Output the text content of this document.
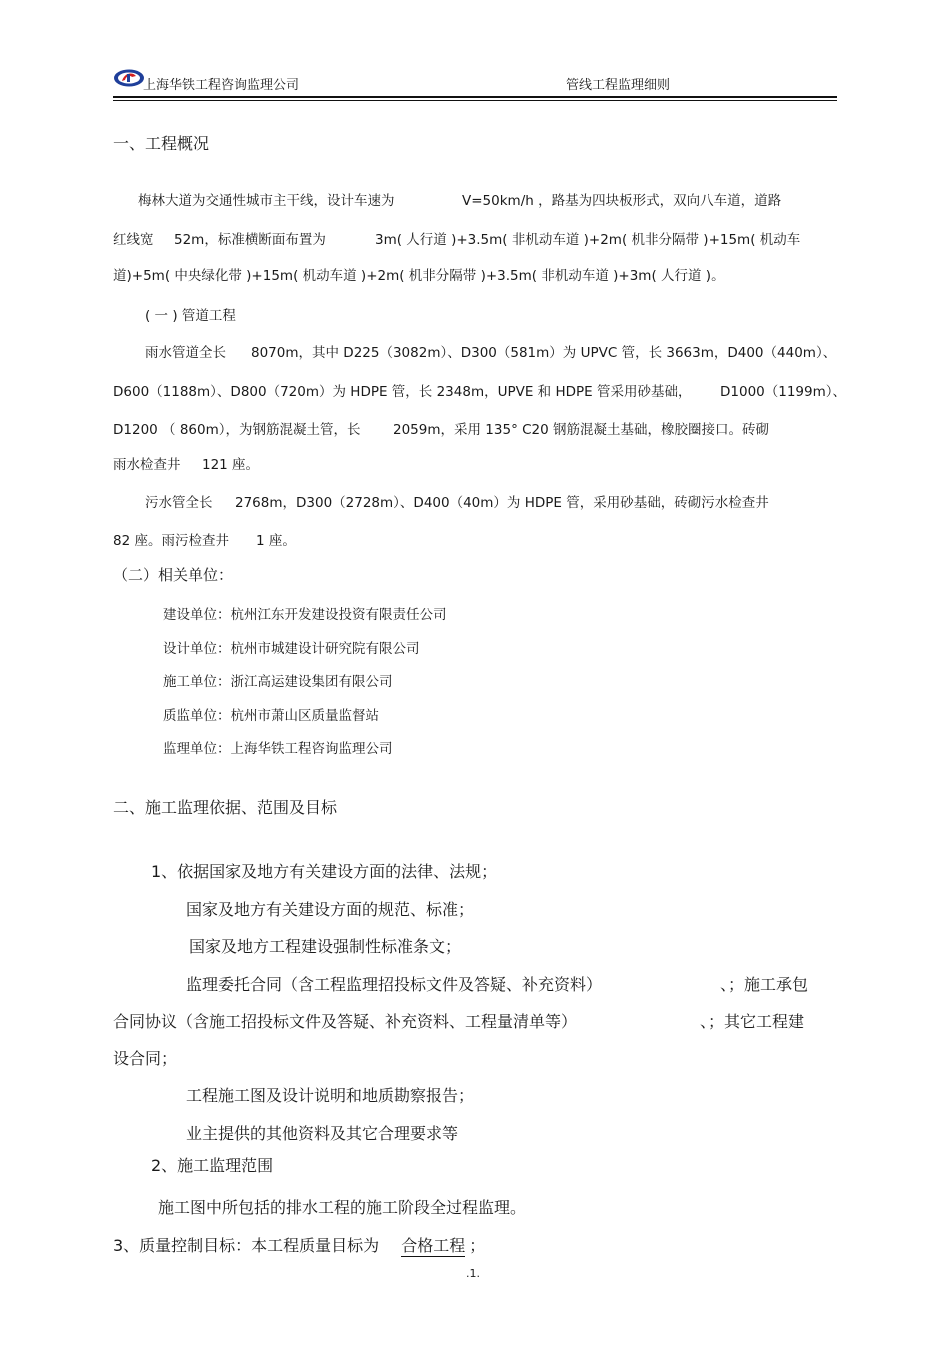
上海华铁工程咨询监理公司	管线工程监理细则
一、工程概况
梅林大道为交通性城市主干线，设计车速为	V=50km/h ，路基为四块板形式，双向八车道，道路
红线宽 52m，标准横断面布置为	3m( 人行道 )+3.5m( 非机动车道 )+2m( 机非分隔带 )+15m( 机动车
道)+5m( 中央绿化带 )+15m( 机动车道 )+2m( 机非分隔带 )+3.5m( 非机动车道 )+3m( 人行道 )。
( 一 ) 管道工程
雨水管道全长 8070m，其中 D225（3082m）、D300（581m）为 UPVC 管，长 3663m，D400（440m）、
D600（1188m）、D800（720m）为 HDPE 管，长 2348m，UPVE 和 HDPE 管采用砂基础， D1000（1199m）、
D1200 （ 860m），为钢筋混凝土管，长 2059m，采用 135° C20 钢筋混凝土基础，橡胶圈接口。砖砌
雨水检查井 121 座。
污水管全长 2768m，D300（2728m）、D400（40m）为 HDPE 管，采用砂基础，砖砌污水检查井
82 座。雨污检查井 1 座。
（二）相关单位：
建设单位：杭州江东开发建设投资有限责任公司
设计单位：杭州市城建设计研究院有限公司
施工单位：浙江高运建设集团有限公司
质监单位：杭州市萧山区质量监督站
监理单位：上海华铁工程咨询监理公司
二、施工监理依据、范围及目标
1、依据国家及地方有关建设方面的法律、法规；
国家及地方有关建设方面的规范、标准；
国家及地方工程建设强制性标准条文；
监理委托合同（含工程监理招投标文件及答疑、补充资料）	、；施工承包
合同协议（含施工招投标文件及答疑、补充资料、工程量清单等）	、；其它工程建
设合同；
工程施工图及设计说明和地质勘察报告；
业主提供的其他资料及其它合理要求等
2、施工监理范围
施工图中所包括的排水工程的施工阶段全过程监理。
3、质量控制目标：本工程质量目标为 合格工程 ；
.1.
